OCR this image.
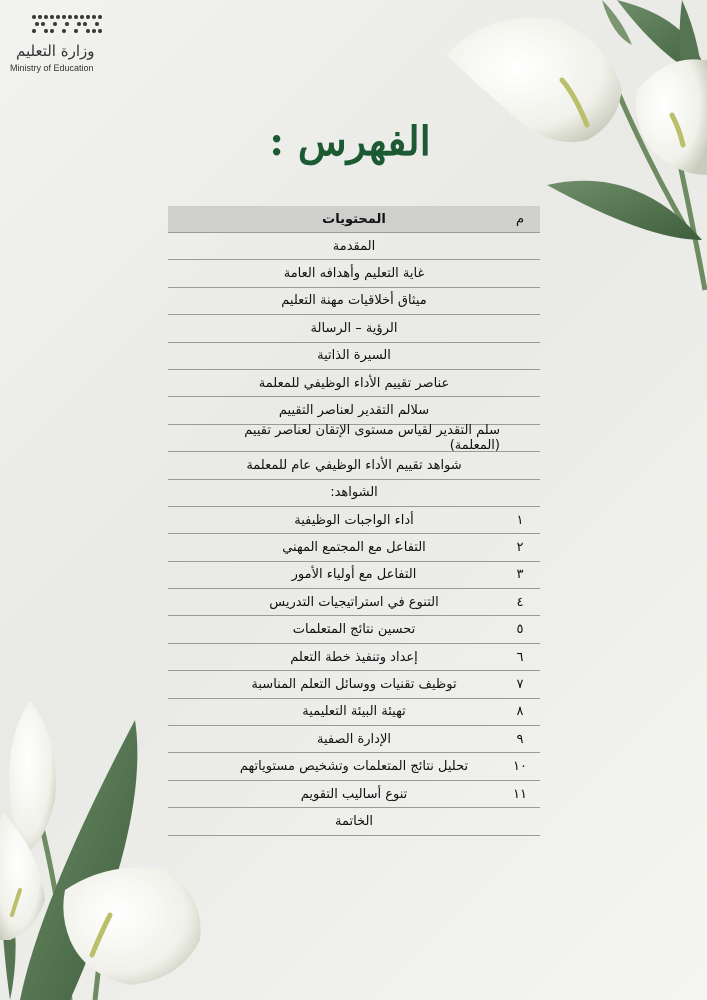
وزارة التعليم
Ministry of Education
الفهرس :
م
المحتويات
المقدمة
غاية التعليم وأهدافه العامة
ميثاق أخلاقيات مهنة التعليم
الرؤية – الرسالة
السيرة الذاتية
عناصر تقييم الأداء الوظيفي للمعلمة
سلالم التقدير لعناصر التقييم
سلم التقدير لقياس مستوى الإتقان لعناصر تقييم (المعلمة)
شواهد تقييم الأداء الوظيفي عام للمعلمة
الشواهد:
١
أداء الواجبات الوظيفية
٢
التفاعل مع المجتمع المهني
٣
التفاعل مع أولياء الأمور
٤
التنوع في استراتيجيات التدريس
٥
تحسين نتائج المتعلمات
٦
إعداد وتنفيذ خطة التعلم
٧
توظيف تقنيات ووسائل التعلم المناسبة
٨
تهيئة البيئة التعليمية
٩
الإدارة الصفية
١٠
تحليل نتائج المتعلمات وتشخيص مستوياتهم
١١
تنوع أساليب التقويم
الخاتمة
